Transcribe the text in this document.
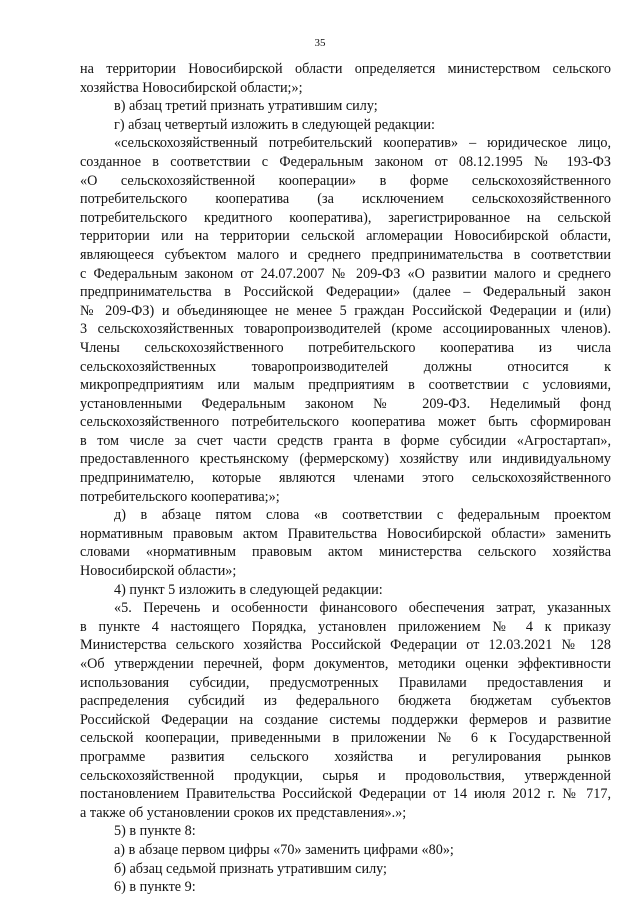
35
на территории Новосибирской области определяется министерством сельского
хозяйства Новосибирской области;»;
в) абзац третий признать утратившим силу;
г) абзац четвертый изложить в следующей редакции:
«сельскохозяйственный потребительский кооператив» – юридическое лицо,
созданное в соответствии с Федеральным законом от 08.12.1995 № 193-ФЗ
«О сельскохозяйственной кооперации» в форме сельскохозяйственного
потребительского кооператива (за исключением сельскохозяйственного
потребительского кредитного кооператива), зарегистрированное на сельской
территории или на территории сельской агломерации Новосибирской области,
являющееся субъектом малого и среднего предпринимательства в соответствии
с Федеральным законом от 24.07.2007 № 209-ФЗ «О развитии малого и среднего
предпринимательства в Российской Федерации» (далее – Федеральный закон
№ 209-ФЗ) и объединяющее не менее 5 граждан Российской Федерации и (или)
3 сельскохозяйственных товаропроизводителей (кроме ассоциированных членов).
Члены сельскохозяйственного потребительского кооператива из числа
сельскохозяйственных товаропроизводителей должны относится к
микропредприятиям или малым предприятиям в соответствии с условиями,
установленными Федеральным законом № 209-ФЗ. Неделимый фонд
сельскохозяйственного потребительского кооператива может быть сформирован
в том числе за счет части средств гранта в форме субсидии «Агростартап»,
предоставленного крестьянскому (фермерскому) хозяйству или индивидуальному
предпринимателю, которые являются членами этого сельскохозяйственного
потребительского кооператива;»;
д) в абзаце пятом слова «в соответствии с федеральным проектом
нормативным правовым актом Правительства Новосибирской области» заменить
словами «нормативным правовым актом министерства сельского хозяйства
Новосибирской области»;
4) пункт 5 изложить в следующей редакции:
«5. Перечень и особенности финансового обеспечения затрат, указанных
в пункте 4 настоящего Порядка, установлен приложением № 4 к приказу
Министерства сельского хозяйства Российской Федерации от 12.03.2021 № 128
«Об утверждении перечней, форм документов, методики оценки эффективности
использования субсидии, предусмотренных Правилами предоставления и
распределения субсидий из федерального бюджета бюджетам субъектов
Российской Федерации на создание системы поддержки фермеров и развитие
сельской кооперации, приведенными в приложении № 6 к Государственной
программе развития сельского хозяйства и регулирования рынков
сельскохозяйственной продукции, сырья и продовольствия, утвержденной
постановлением Правительства Российской Федерации от 14 июля 2012 г. № 717,
а также об установлении сроков их представления».»;
5) в пункте 8:
а) в абзаце первом цифры «70» заменить цифрами «80»;
б) абзац седьмой признать утратившим силу;
6) в пункте 9:
